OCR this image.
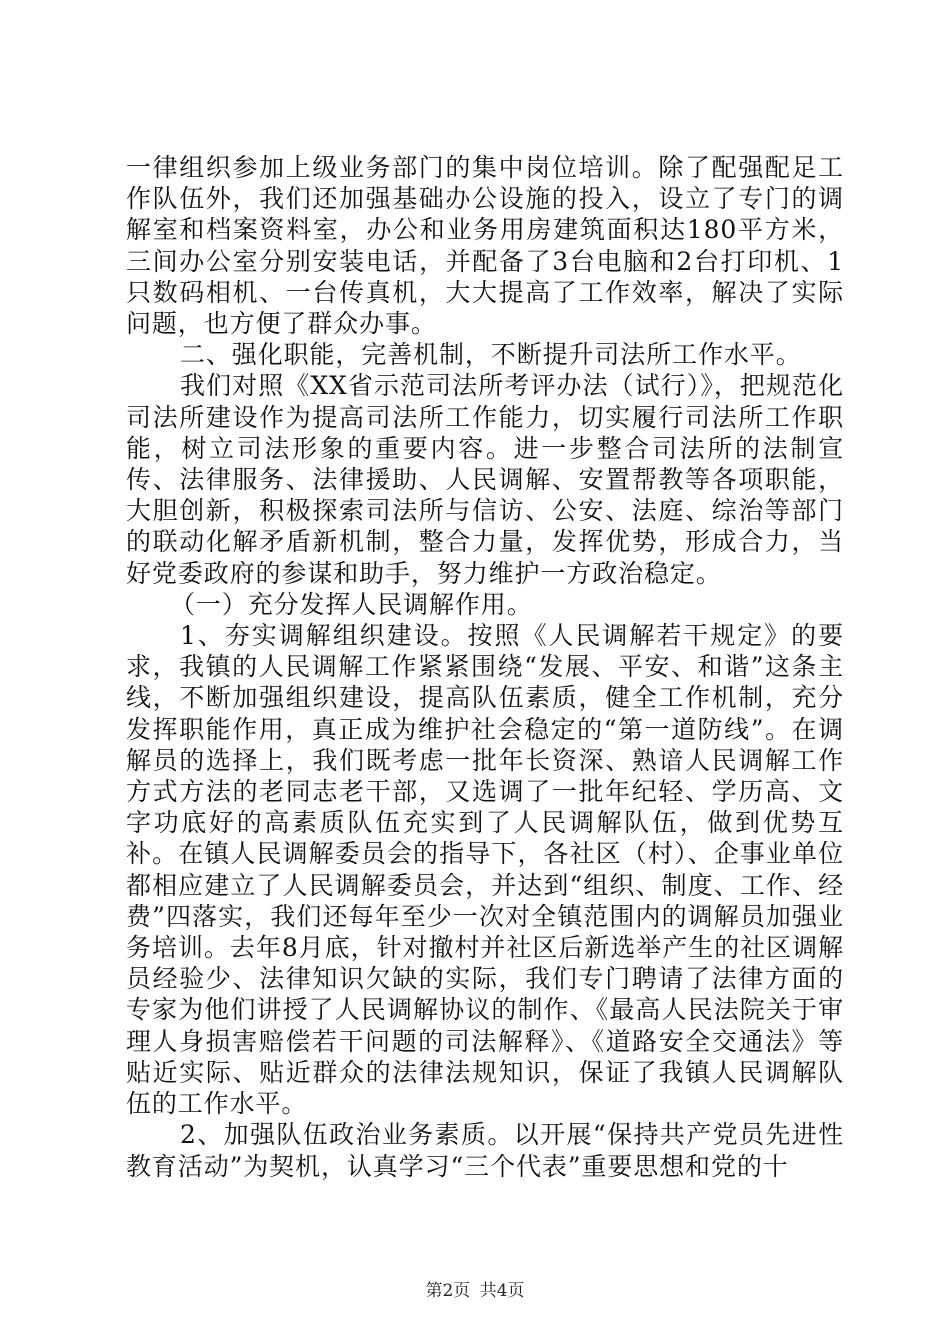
一律组织参加上级业务部门的集中岗位培训。除了配强配足工作队伍外，我们还加强基础办公设施的投入，设立了专门的调解室和档案资料室，办公和业务用房建筑面积达180平方米，三间办公室分别安装电话，并配备了3台电脑和2台打印机、1只数码相机、一台传真机，大大提高了工作效率，解决了实际问题，也方便了群众办事。

二、强化职能，完善机制，不断提升司法所工作水平。

我们对照《XX省示范司法所考评办法（试行）》，把规范化司法所建设作为提高司法所工作能力，切实履行司法所工作职能，树立司法形象的重要内容。进一步整合司法所的法制宣传、法律服务、法律援助、人民调解、安置帮教等各项职能，大胆创新，积极探索司法所与信访、公安、法庭、综治等部门的联动化解矛盾新机制，整合力量，发挥优势，形成合力，当好党委政府的参谋和助手，努力维护一方政治稳定。

（一）充分发挥人民调解作用。

1、夯实调解组织建设。按照《人民调解若干规定》的要求，我镇的人民调解工作紧紧围绕“发展、平安、和谐”这条主线，不断加强组织建设，提高队伍素质，健全工作机制，充分发挥职能作用，真正成为维护社会稳定的“第一道防线”。在调解员的选择上，我们既考虑一批年长资深、熟谙人民调解工作方式方法的老同志老干部，又选调了一批年纪轻、学历高、文字功底好的高素质队伍充实到了人民调解队伍，做到优势互补。在镇人民调解委员会的指导下，各社区（村）、企事业单位都相应建立了人民调解委员会，并达到“组织、制度、工作、经费”四落实，我们还每年至少一次对全镇范围内的调解员加强业务培训。去年8月底，针对撤村并社区后新选举产生的社区调解员经验少、法律知识欠缺的实际，我们专门聘请了法律方面的专家为他们讲授了人民调解协议的制作、《最高人民法院关于审理人身损害赔偿若干问题的司法解释》、《道路安全交通法》等贴近实际、贴近群众的法律法规知识，保证了我镇人民调解队伍的工作水平。

2、加强队伍政治业务素质。以开展“保持共产党员先进性教育活动”为契机，认真学习“三个代表”重要思想和党的十

第2页 共4页
